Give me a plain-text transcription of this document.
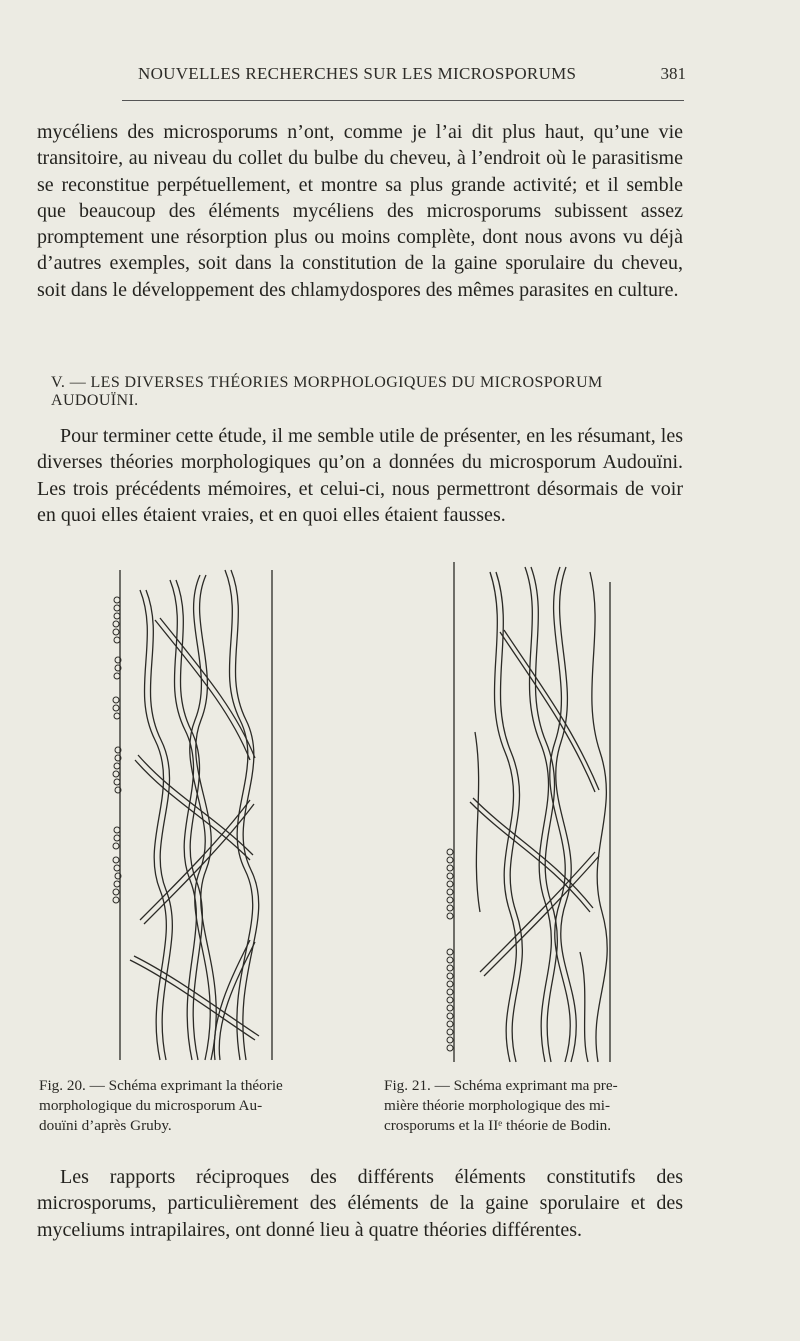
NOUVELLES RECHERCHES SUR LES MICROSPORUMS	381

mycéliens des microsporums n’ont, comme je l’ai dit plus haut, qu’une vie transitoire, au niveau du collet du bulbe du cheveu, à l’endroit où le parasitisme se reconstitue perpétuellement, et montre sa plus grande activité; et il semble que beaucoup des éléments mycéliens des microsporums subissent assez promptement une résorption plus ou moins complète, dont nous avons vu déjà d’autres exemples, soit dans la constitution de la gaine sporulaire du cheveu, soit dans le développement des chlamydospores des mêmes parasites en culture.

V. — LES DIVERSES THÉORIES MORPHOLOGIQUES DU MICROSPORUM AUDOUÏNI.

Pour terminer cette étude, il me semble utile de présenter, en les résumant, les diverses théories morphologiques qu’on a données du microsporum Audouïni. Les trois précédents mémoires, et celui-ci, nous permettront désormais de voir en quoi elles étaient vraies, et en quoi elles étaient fausses.

Fig. 20. — Schéma exprimant la théorie
morphologique du microsporum Au-
douïni d’après Gruby.
Fig. 21. — Schéma exprimant ma pre-
mière théorie morphologique des mi-
crosporums et la IIᵉ théorie de Bodin.

Les rapports réciproques des différents éléments constitutifs des microsporums, particulièrement des éléments de la gaine sporulaire et des myceliums intrapilaires, ont donné lieu à quatre théories différentes.
